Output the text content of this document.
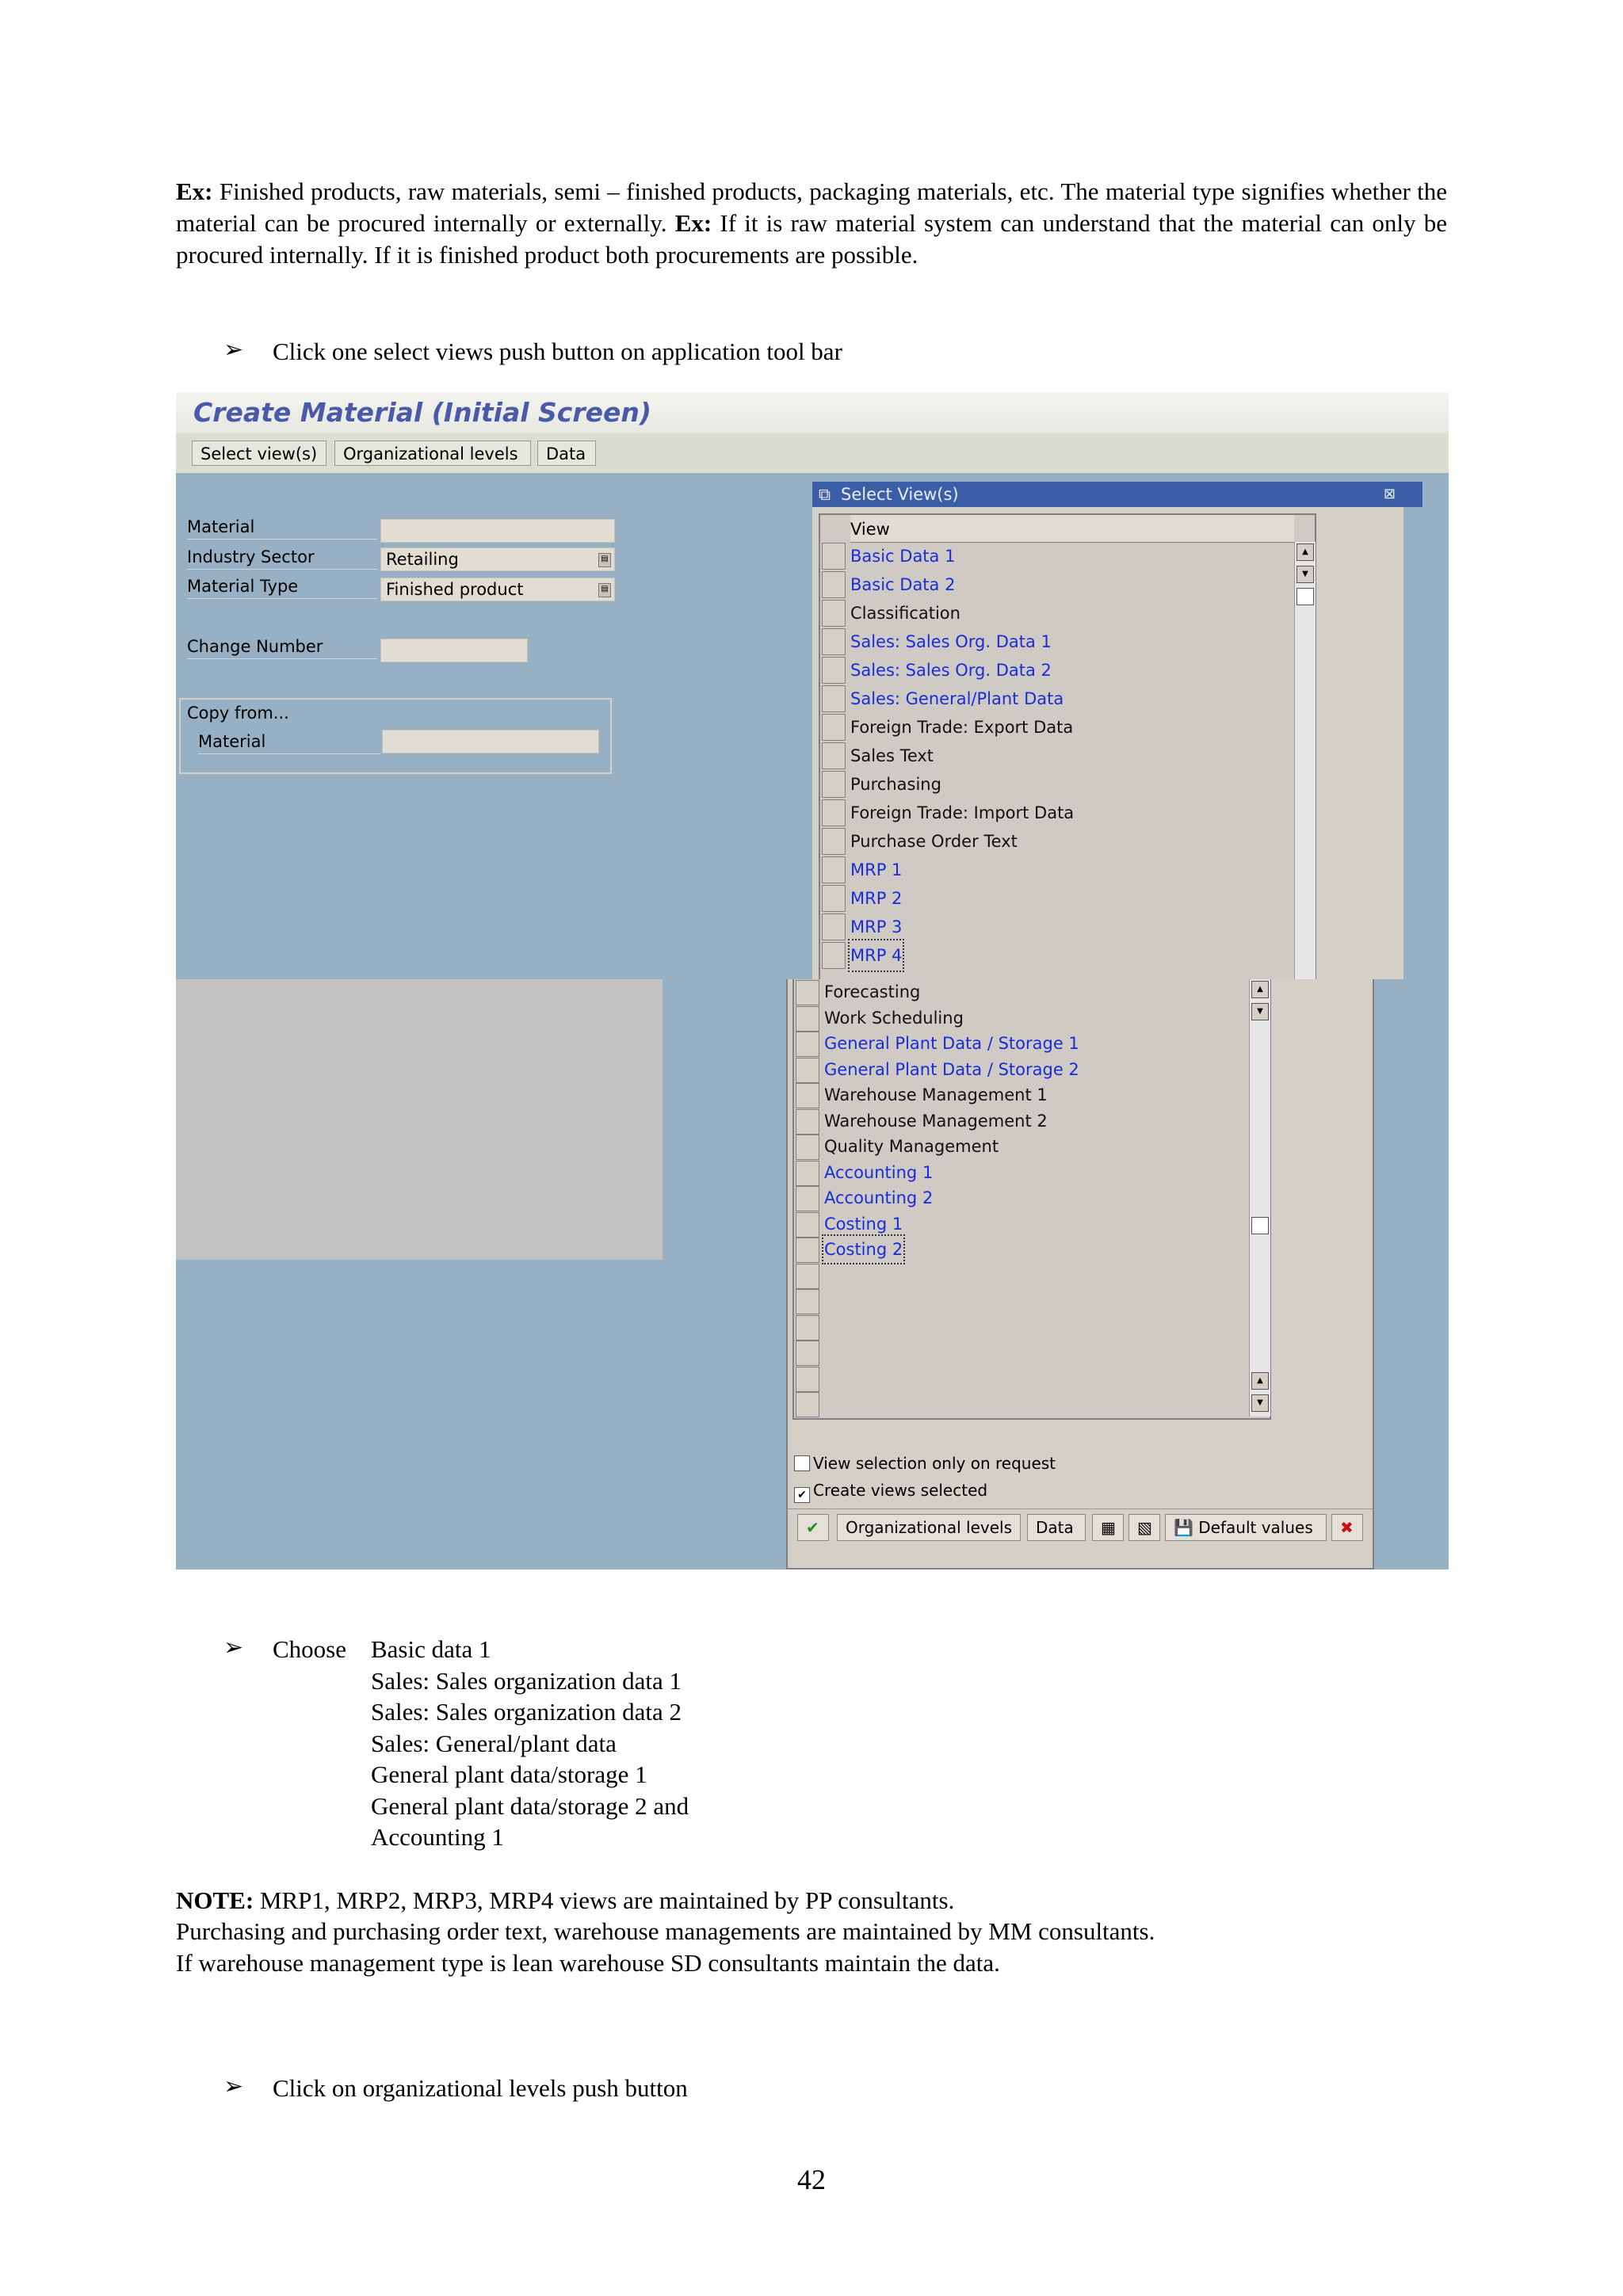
Ex: Finished products, raw materials, semi – finished products, packaging materials, etc. The material type signifies whether the material can be procured internally or externally. Ex: If it is raw material system can understand that the material can only be procured internally. If it is finished product both procurements are possible.
➢ Click one select views push button on application tool bar
Create Material (Initial Screen)
Select view(s)	Organizational levels	Data
Material
Industry Sector	Retailing	▤
Material Type	Finished product	▤
Change Number
Copy from...
Material
Select View(s)
⧉	⊠
View
Basic Data 1
Basic Data 2
Classification
Sales: Sales Org. Data 1
Sales: Sales Org. Data 2
Sales: General/Plant Data
Foreign Trade: Export Data
Sales Text
Purchasing
Foreign Trade: Import Data
Purchase Order Text
MRP 1
MRP 2
MRP 3
MRP 4
▲
▼
Forecasting
Work Scheduling
General Plant Data / Storage 1
General Plant Data / Storage 2
Warehouse Management 1
Warehouse Management 2
Quality Management
Accounting 1
Accounting 2
Costing 1
Costing 2
▲
▼
▲
▼
View selection only on request
✔ Create views selected
✔	Organizational levels	Data	▦	▧	💾 Default values	✖
➢ Choose Basic data 1
Sales: Sales organization data 1
Sales: Sales organization data 2
Sales: General/plant data
General plant data/storage 1
General plant data/storage 2 and
Accounting 1
NOTE: MRP1, MRP2, MRP3, MRP4 views are maintained by PP consultants.
Purchasing and purchasing order text, warehouse managements are maintained by MM consultants.
If warehouse management type is lean warehouse SD consultants maintain the data.
➢ Click on organizational levels push button
42
